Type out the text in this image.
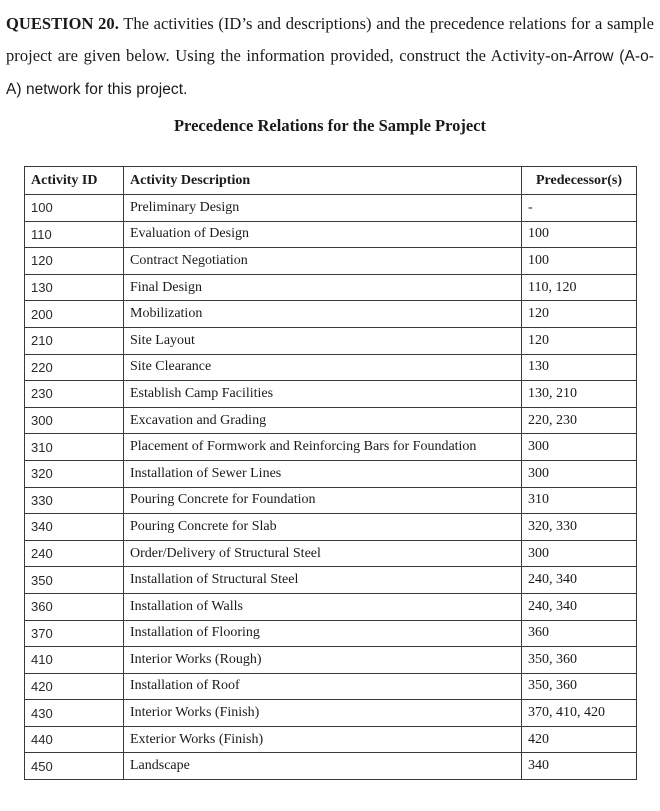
QUESTION 20. The activities (ID’s and descriptions) and the precedence relations for a sample project are given below. Using the information provided, construct the Activity-on-Arrow (A-o-A) network for this project.
Precedence Relations for the Sample Project
Activity ID	Activity Description	Predecessor(s)
100	Preliminary Design	-
110	Evaluation of Design	100
120	Contract Negotiation	100
130	Final Design	110, 120
200	Mobilization	120
210	Site Layout	120
220	Site Clearance	130
230	Establish Camp Facilities	130, 210
300	Excavation and Grading	220, 230
310	Placement of Formwork and Reinforcing Bars for Foundation	300
320	Installation of Sewer Lines	300
330	Pouring Concrete for Foundation	310
340	Pouring Concrete for Slab	320, 330
240	Order/Delivery of Structural Steel	300
350	Installation of Structural Steel	240, 340
360	Installation of Walls	240, 340
370	Installation of Flooring	360
410	Interior Works (Rough)	350, 360
420	Installation of Roof	350, 360
430	Interior Works (Finish)	370, 410, 420
440	Exterior Works (Finish)	420
450	Landscape	340
